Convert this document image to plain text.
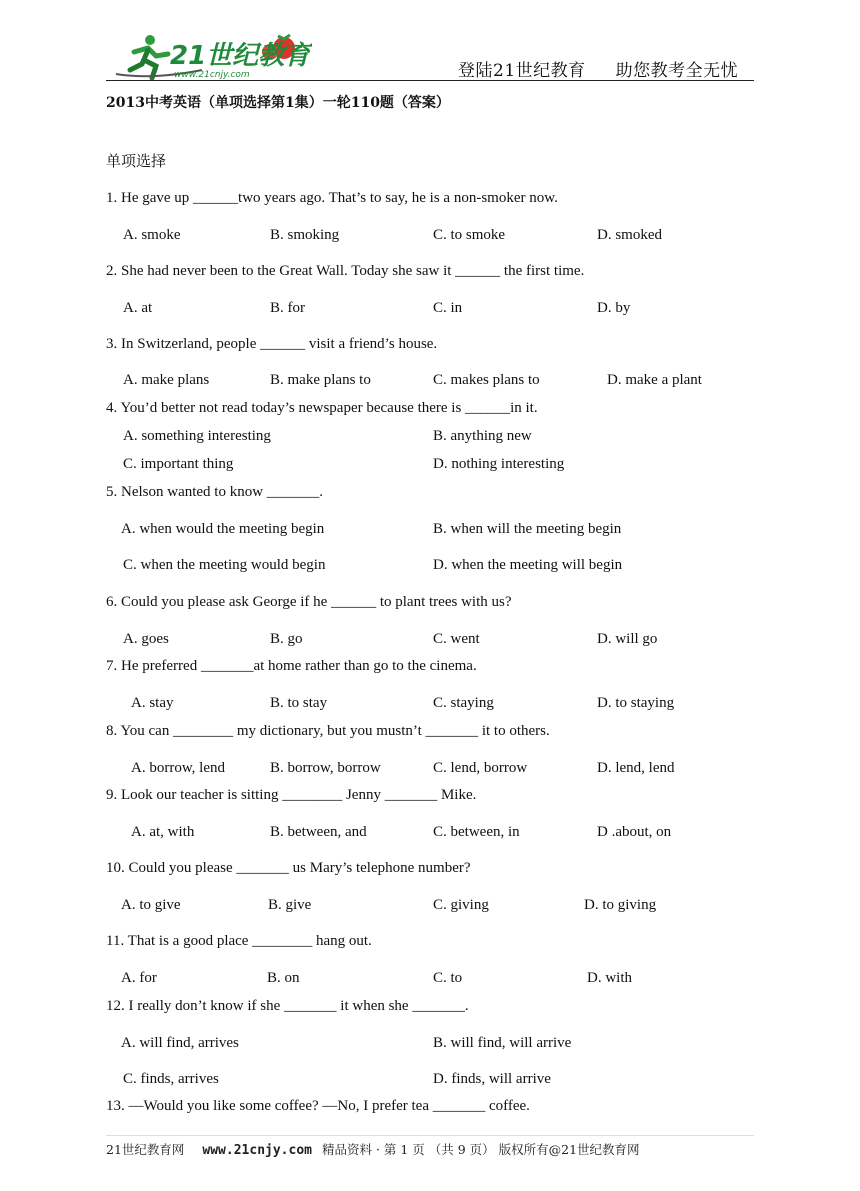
21世纪教育
www.21cnjy.com	登陆21世纪教育 助您教考全无忧
2013中考英语（单项选择第1集）一轮110题（答案）
单项选择
1. He gave up ______two years ago. That’s to say, he is a non-smoker now.
A. smoke	B. smoking	C. to smoke	D. smoked
2. She had never been to the Great Wall. Today she saw it ______ the first time.
A. at	B. for	C. in	D. by
3. In Switzerland, people ______ visit a friend’s house.
A. make plans	B. make plans to	C. makes plans to	D. make a plant
4. You’d better not read today’s newspaper because there is ______in it.
A. something interesting	B. anything new
C. important thing	D. nothing interesting
5. Nelson wanted to know _______.
A. when would the meeting begin	B. when will the meeting begin
C. when the meeting would begin	D. when the meeting will begin
6. Could you please ask George if he ______ to plant trees with us?
A. goes	B. go	C. went	D. will go
7. He preferred _______at home rather than go to the cinema.
A. stay	B. to stay	C. staying	D. to staying
8. You can ________ my dictionary, but you mustn’t _______ it to others.
A. borrow, lend	B. borrow, borrow	C. lend, borrow	D. lend, lend
9. Look our teacher is sitting ________ Jenny _______ Mike.
A. at, with	B. between, and	C. between, in	D .about, on
10. Could you please _______ us Mary’s telephone number?
A. to give	B. give	C. giving	D. to giving
11. That is a good place ________ hang out.
A. for	B. on	C. to	D. with
12. I really don’t know if she _______ it when she _______.
A. will find, arrives	B. will find, will arrive
C. finds, arrives	D. finds, will arrive
13. —Would you like some coffee? —No, I prefer tea _______ coffee.
21世纪教育网 www.21cnjy.com 精品资料 · 第 1 页 （共 9 页） 版权所有@21世纪教育网
